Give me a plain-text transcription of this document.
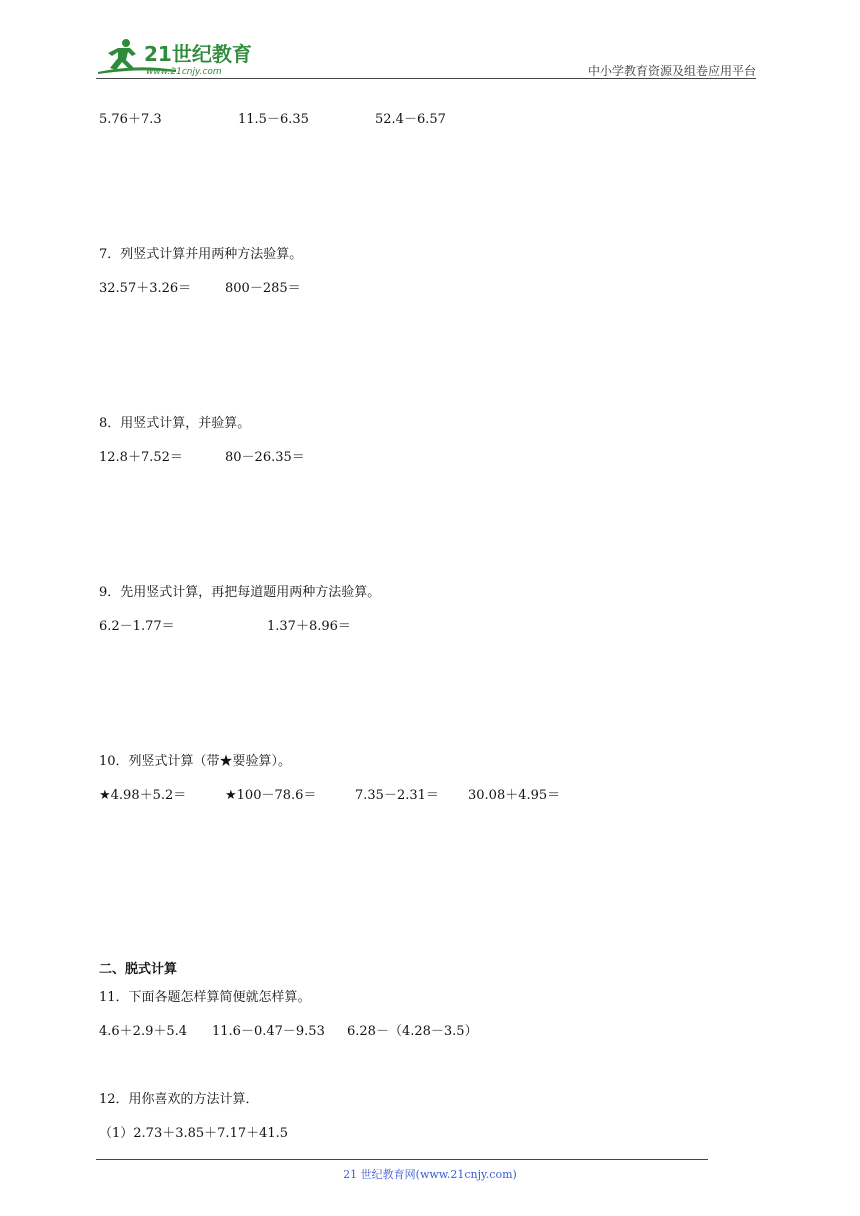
21世纪教育
www.21cnjy.com	中小学教育资源及组卷应用平台
5.76＋7.3	11.5－6.35	52.4－6.57
7．列竖式计算并用两种方法验算。
32.57＋3.26＝	800－285＝
8．用竖式计算，并验算。
12.8＋7.52＝	80－26.35＝
9．先用竖式计算，再把每道题用两种方法验算。
6.2－1.77＝	1.37＋8.96＝
10．列竖式计算（带★要验算）。
★4.98＋5.2＝	★100－78.6＝	7.35－2.31＝ 30.08＋4.95＝
二、脱式计算
11．下面各题怎样算简便就怎样算。
4.6＋2.9＋5.4 11.6－0.47－9.53 6.28－（4.28－3.5）
12．用你喜欢的方法计算．
（1）2.73＋3.85＋7.17＋41.5
21 世纪教育网(www.21cnjy.com)
